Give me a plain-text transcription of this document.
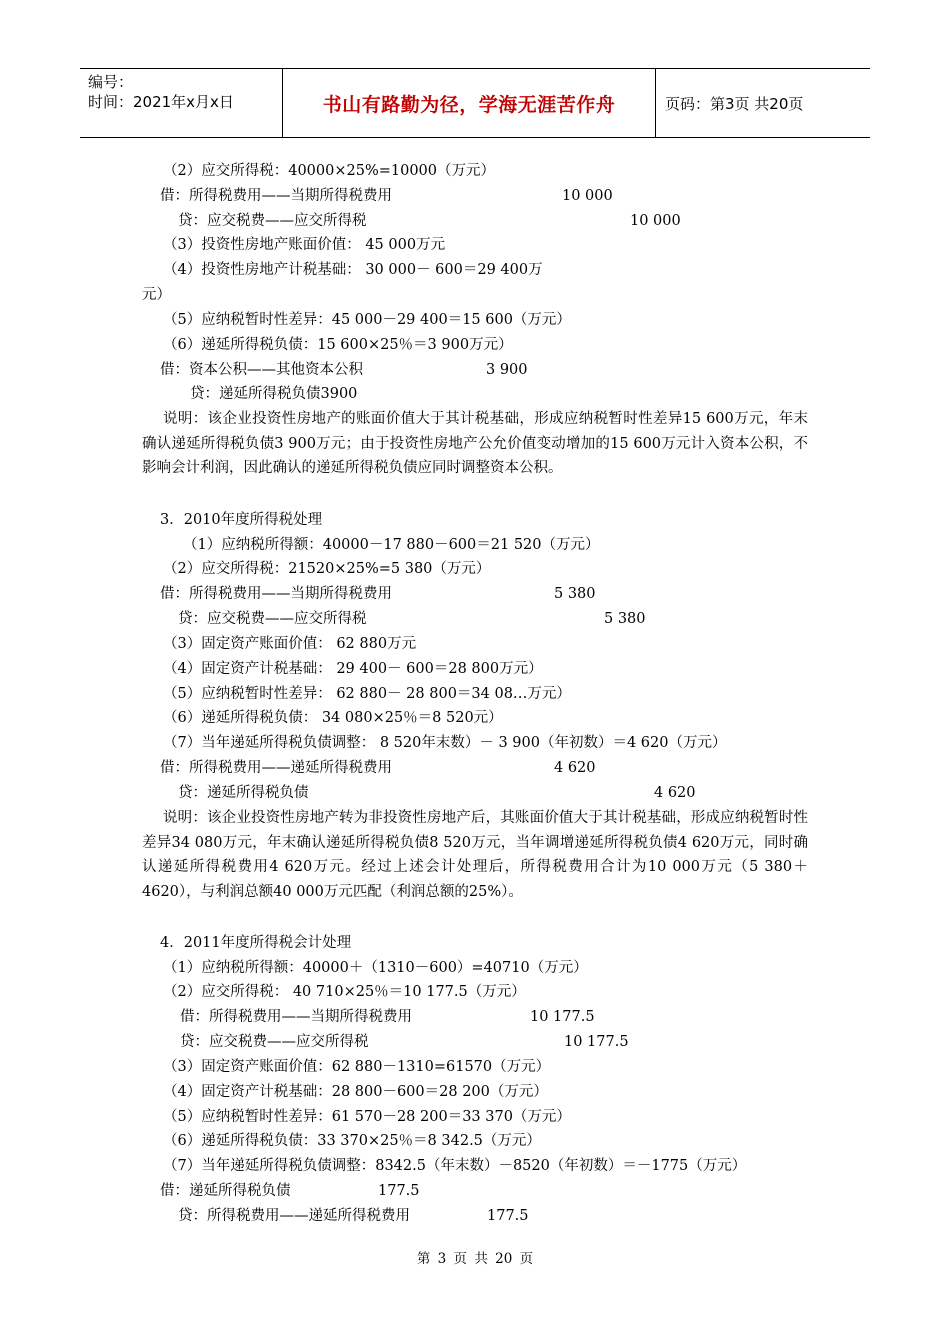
编号：
时间：2021年x月x日	书山有路勤为径，学海无涯苦作舟	页码：第3页 共20页
（2）应交所得税：40000×25%=10000（万元）
借：所得税费用——当期所得税费用	10 000
贷：应交税费——应交所得税	10 000
（3）投资性房地产账面价值： 45 000万元
（4）投资性房地产计税基础： 30 000－ 600＝29 400万
元）
（5）应纳税暂时性差异：45 000－29 400＝15 600（万元）
（6）递延所得税负债：15 600×25％＝3 900万元）
借：资本公积——其他资本公积	3 900
贷：递延所得税负债3900
说明：该企业投资性房地产的账面价值大于其计税基础，形成应纳税暂时性差异15 600万元，年末确认递延所得税负债3 900万元；由于投资性房地产公允价值变动增加的15 600万元计入资本公积，不影响会计利润，因此确认的递延所得税负债应同时调整资本公积。
3．2010年度所得税处理
（1）应纳税所得额：40000－17 880－600＝21 520（万元）
（2）应交所得税：21520×25%=5 380（万元）
借：所得税费用——当期所得税费用	5 380
贷：应交税费——应交所得税	5 380
（3）固定资产账面价值： 62 880万元
（4）固定资产计税基础： 29 400－ 600＝28 800万元）
（5）应纳税暂时性差异： 62 880－ 28 800＝34 08…万元）
（6）递延所得税负债： 34 080×25％＝8 520元）
（7）当年递延所得税负债调整： 8 520年末数）－ 3 900（年初数）＝4 620（万元）
借：所得税费用——递延所得税费用	4 620
贷：递延所得税负债	4 620
说明：该企业投资性房地产转为非投资性房地产后，其账面价值大于其计税基础，形成应纳税暂时性差异34 080万元，年末确认递延所得税负债8 520万元，当年调增递延所得税负债4 620万元，同时确认递延所得税费用4 620万元。经过上述会计处理后，所得税费用合计为10 000万元（5 380＋4620），与利润总额40 000万元匹配（利润总额的25%）。
4．2011年度所得税会计处理
（1）应纳税所得额：40000＋（1310－600）=40710（万元）
（2）应交所得税： 40 710×25％＝10 177.5（万元）
借：所得税费用——当期所得税费用	10 177.5
贷：应交税费——应交所得税	10 177.5
（3）固定资产账面价值：62 880－1310=61570（万元）
（4）固定资产计税基础：28 800－600＝28 200（万元）
（5）应纳税暂时性差异：61 570－28 200＝33 370（万元）
（6）递延所得税负债：33 370×25％＝8 342.5（万元）
（7）当年递延所得税负债调整：8342.5（年末数）－8520（年初数）＝－1775（万元）
借：递延所得税负债	177.5
贷：所得税费用——递延所得税费用	177.5
第 3 页 共 20 页
